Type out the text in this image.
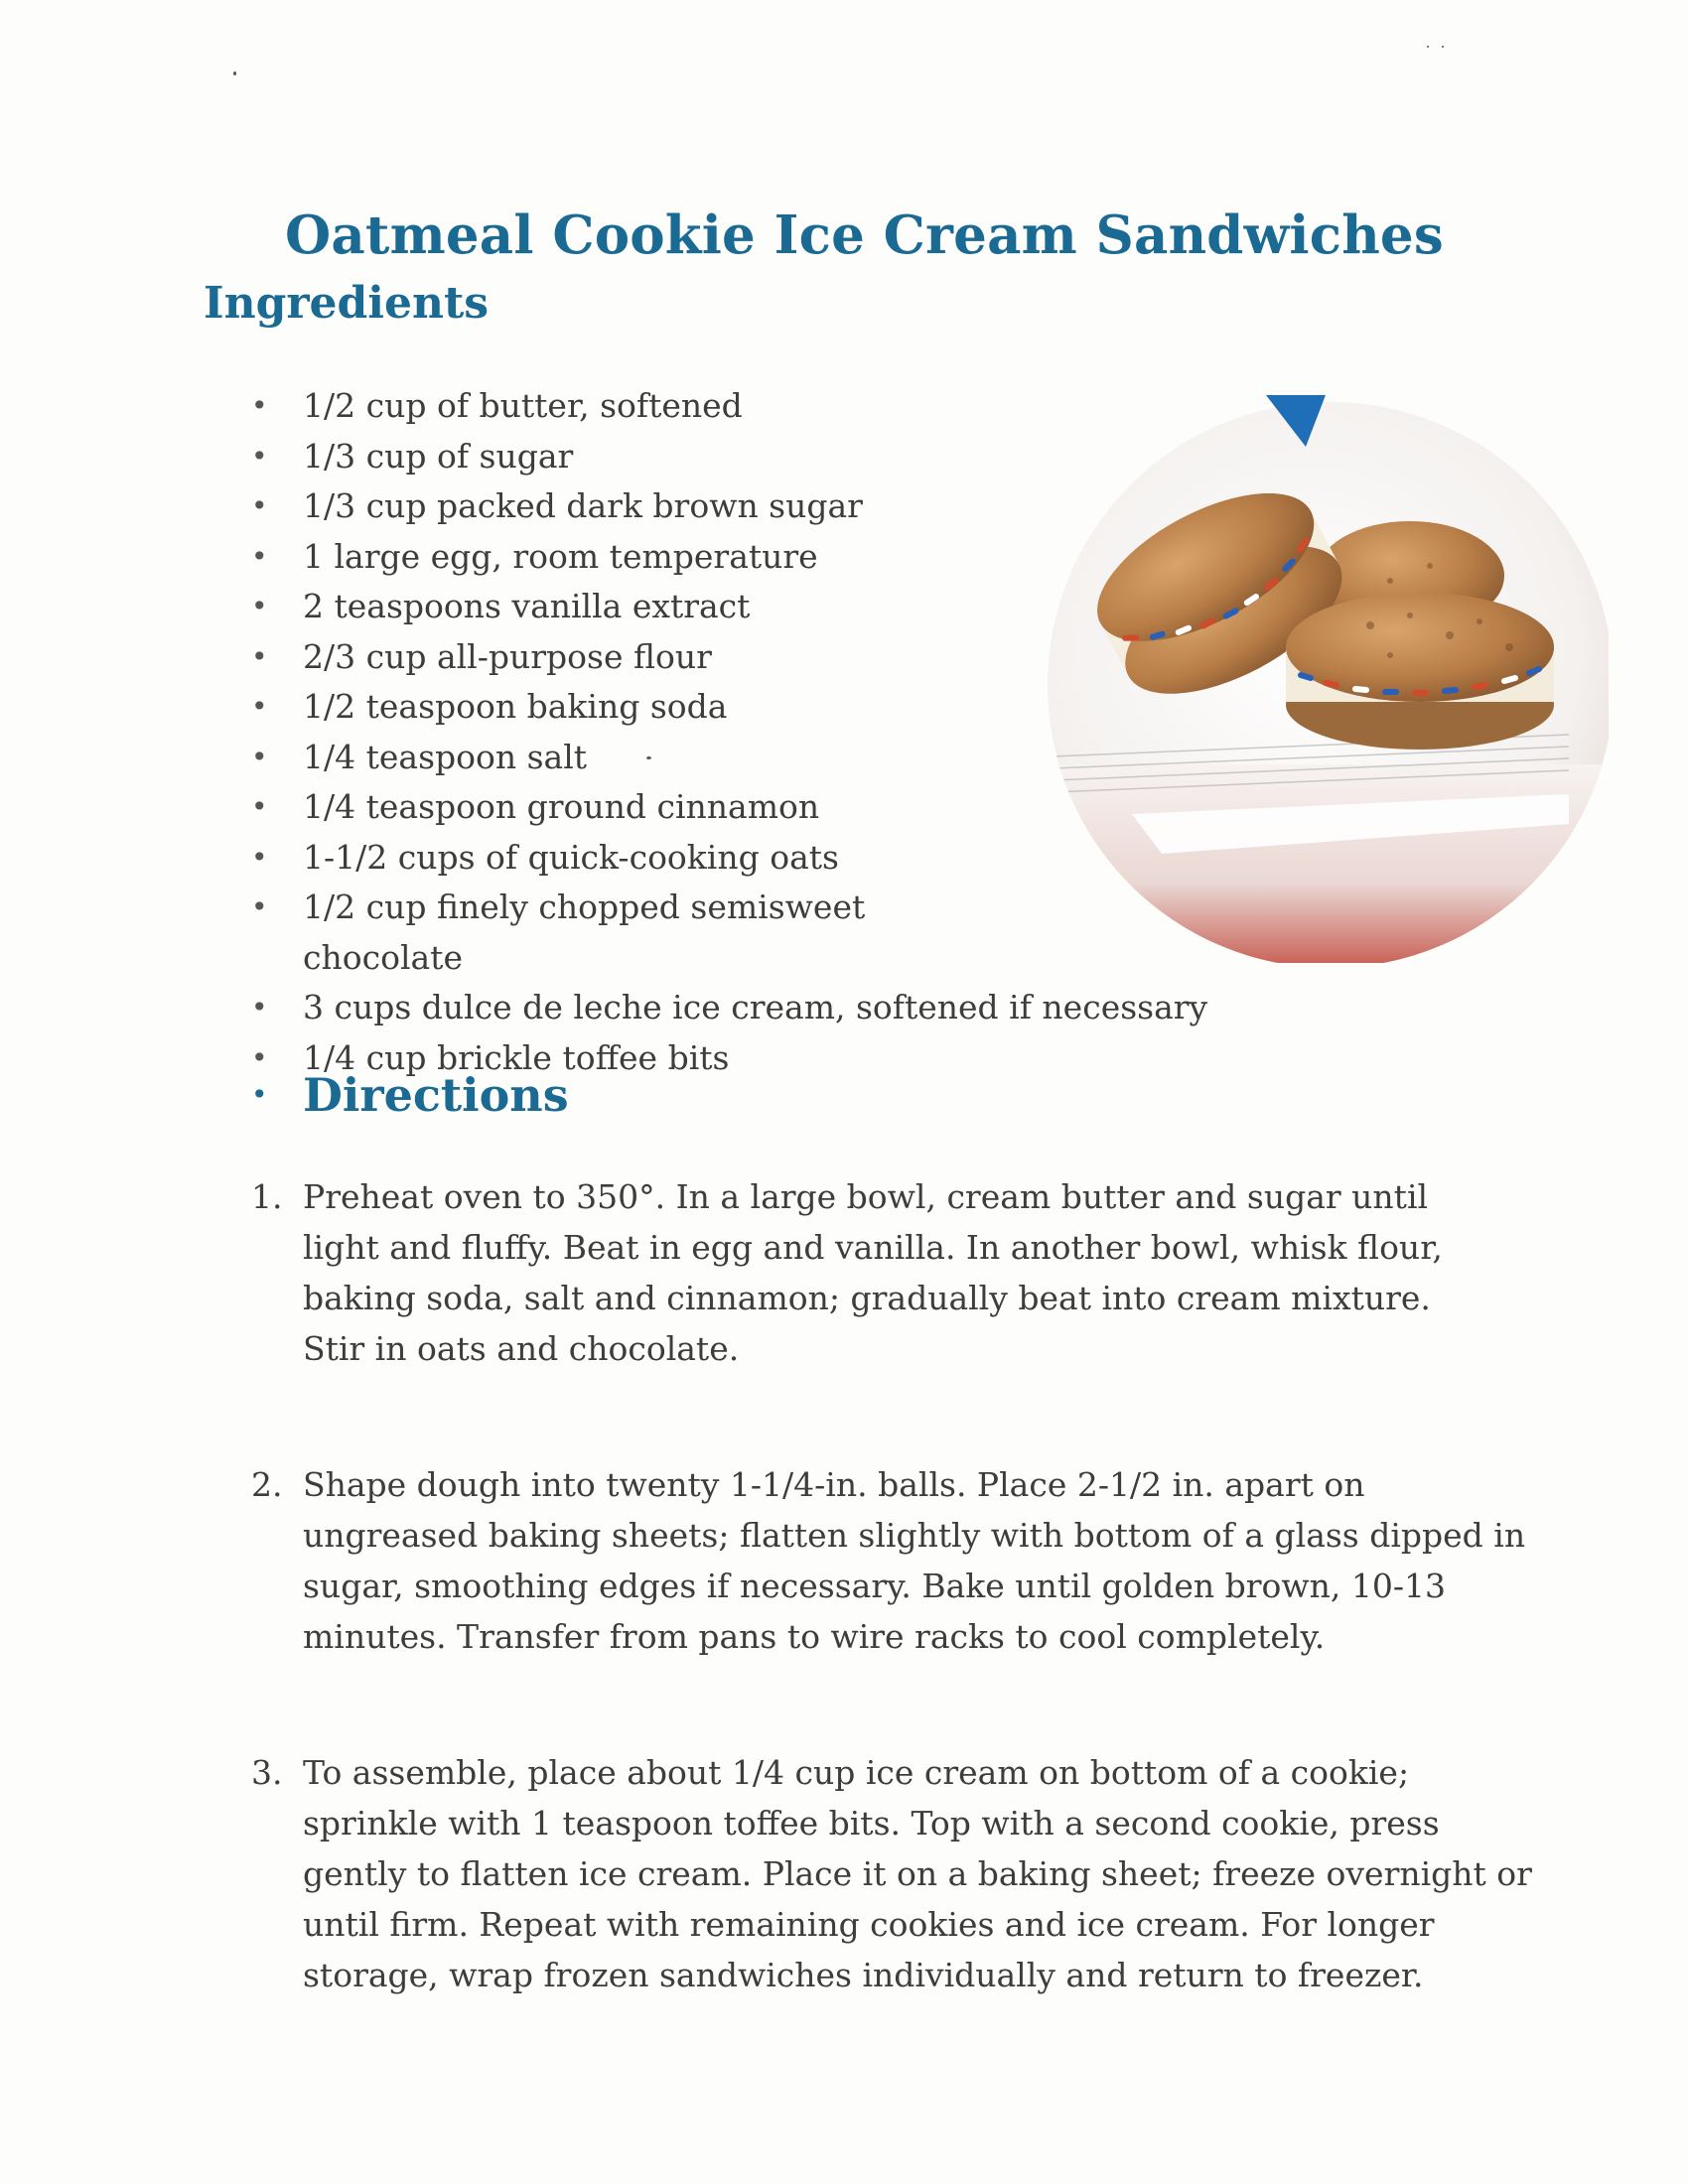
Oatmeal Cookie Ice Cream Sandwiches
Ingredients
• 1/2 cup of butter, softened
• 1/3 cup of sugar
• 1/3 cup packed dark brown sugar
• 1 large egg, room temperature
• 2 teaspoons vanilla extract
• 2/3 cup all-purpose flour
• 1/2 teaspoon baking soda
• 1/4 teaspoon salt
• 1/4 teaspoon ground cinnamon
• 1-1/2 cups of quick-cooking oats
• 1/2 cup finely chopped semisweet chocolate
• 3 cups dulce de leche ice cream, softened if necessary
• 1/4 cup brickle toffee bits
• Directions
1. Preheat oven to 350°. In a large bowl, cream butter and sugar until light and fluffy. Beat in egg and vanilla. In another bowl, whisk flour, baking soda, salt and cinnamon; gradually beat into cream mixture. Stir in oats and chocolate.
2. Shape dough into twenty 1-1/4-in. balls. Place 2-1/2 in. apart on ungreased baking sheets; flatten slightly with bottom of a glass dipped in sugar, smoothing edges if necessary. Bake until golden brown, 10-13 minutes. Transfer from pans to wire racks to cool completely.
3. To assemble, place about 1/4 cup ice cream on bottom of a cookie; sprinkle with 1 teaspoon toffee bits. Top with a second cookie, press gently to flatten ice cream. Place it on a baking sheet; freeze overnight or until firm. Repeat with remaining cookies and ice cream. For longer storage, wrap frozen sandwiches individually and return to freezer.
